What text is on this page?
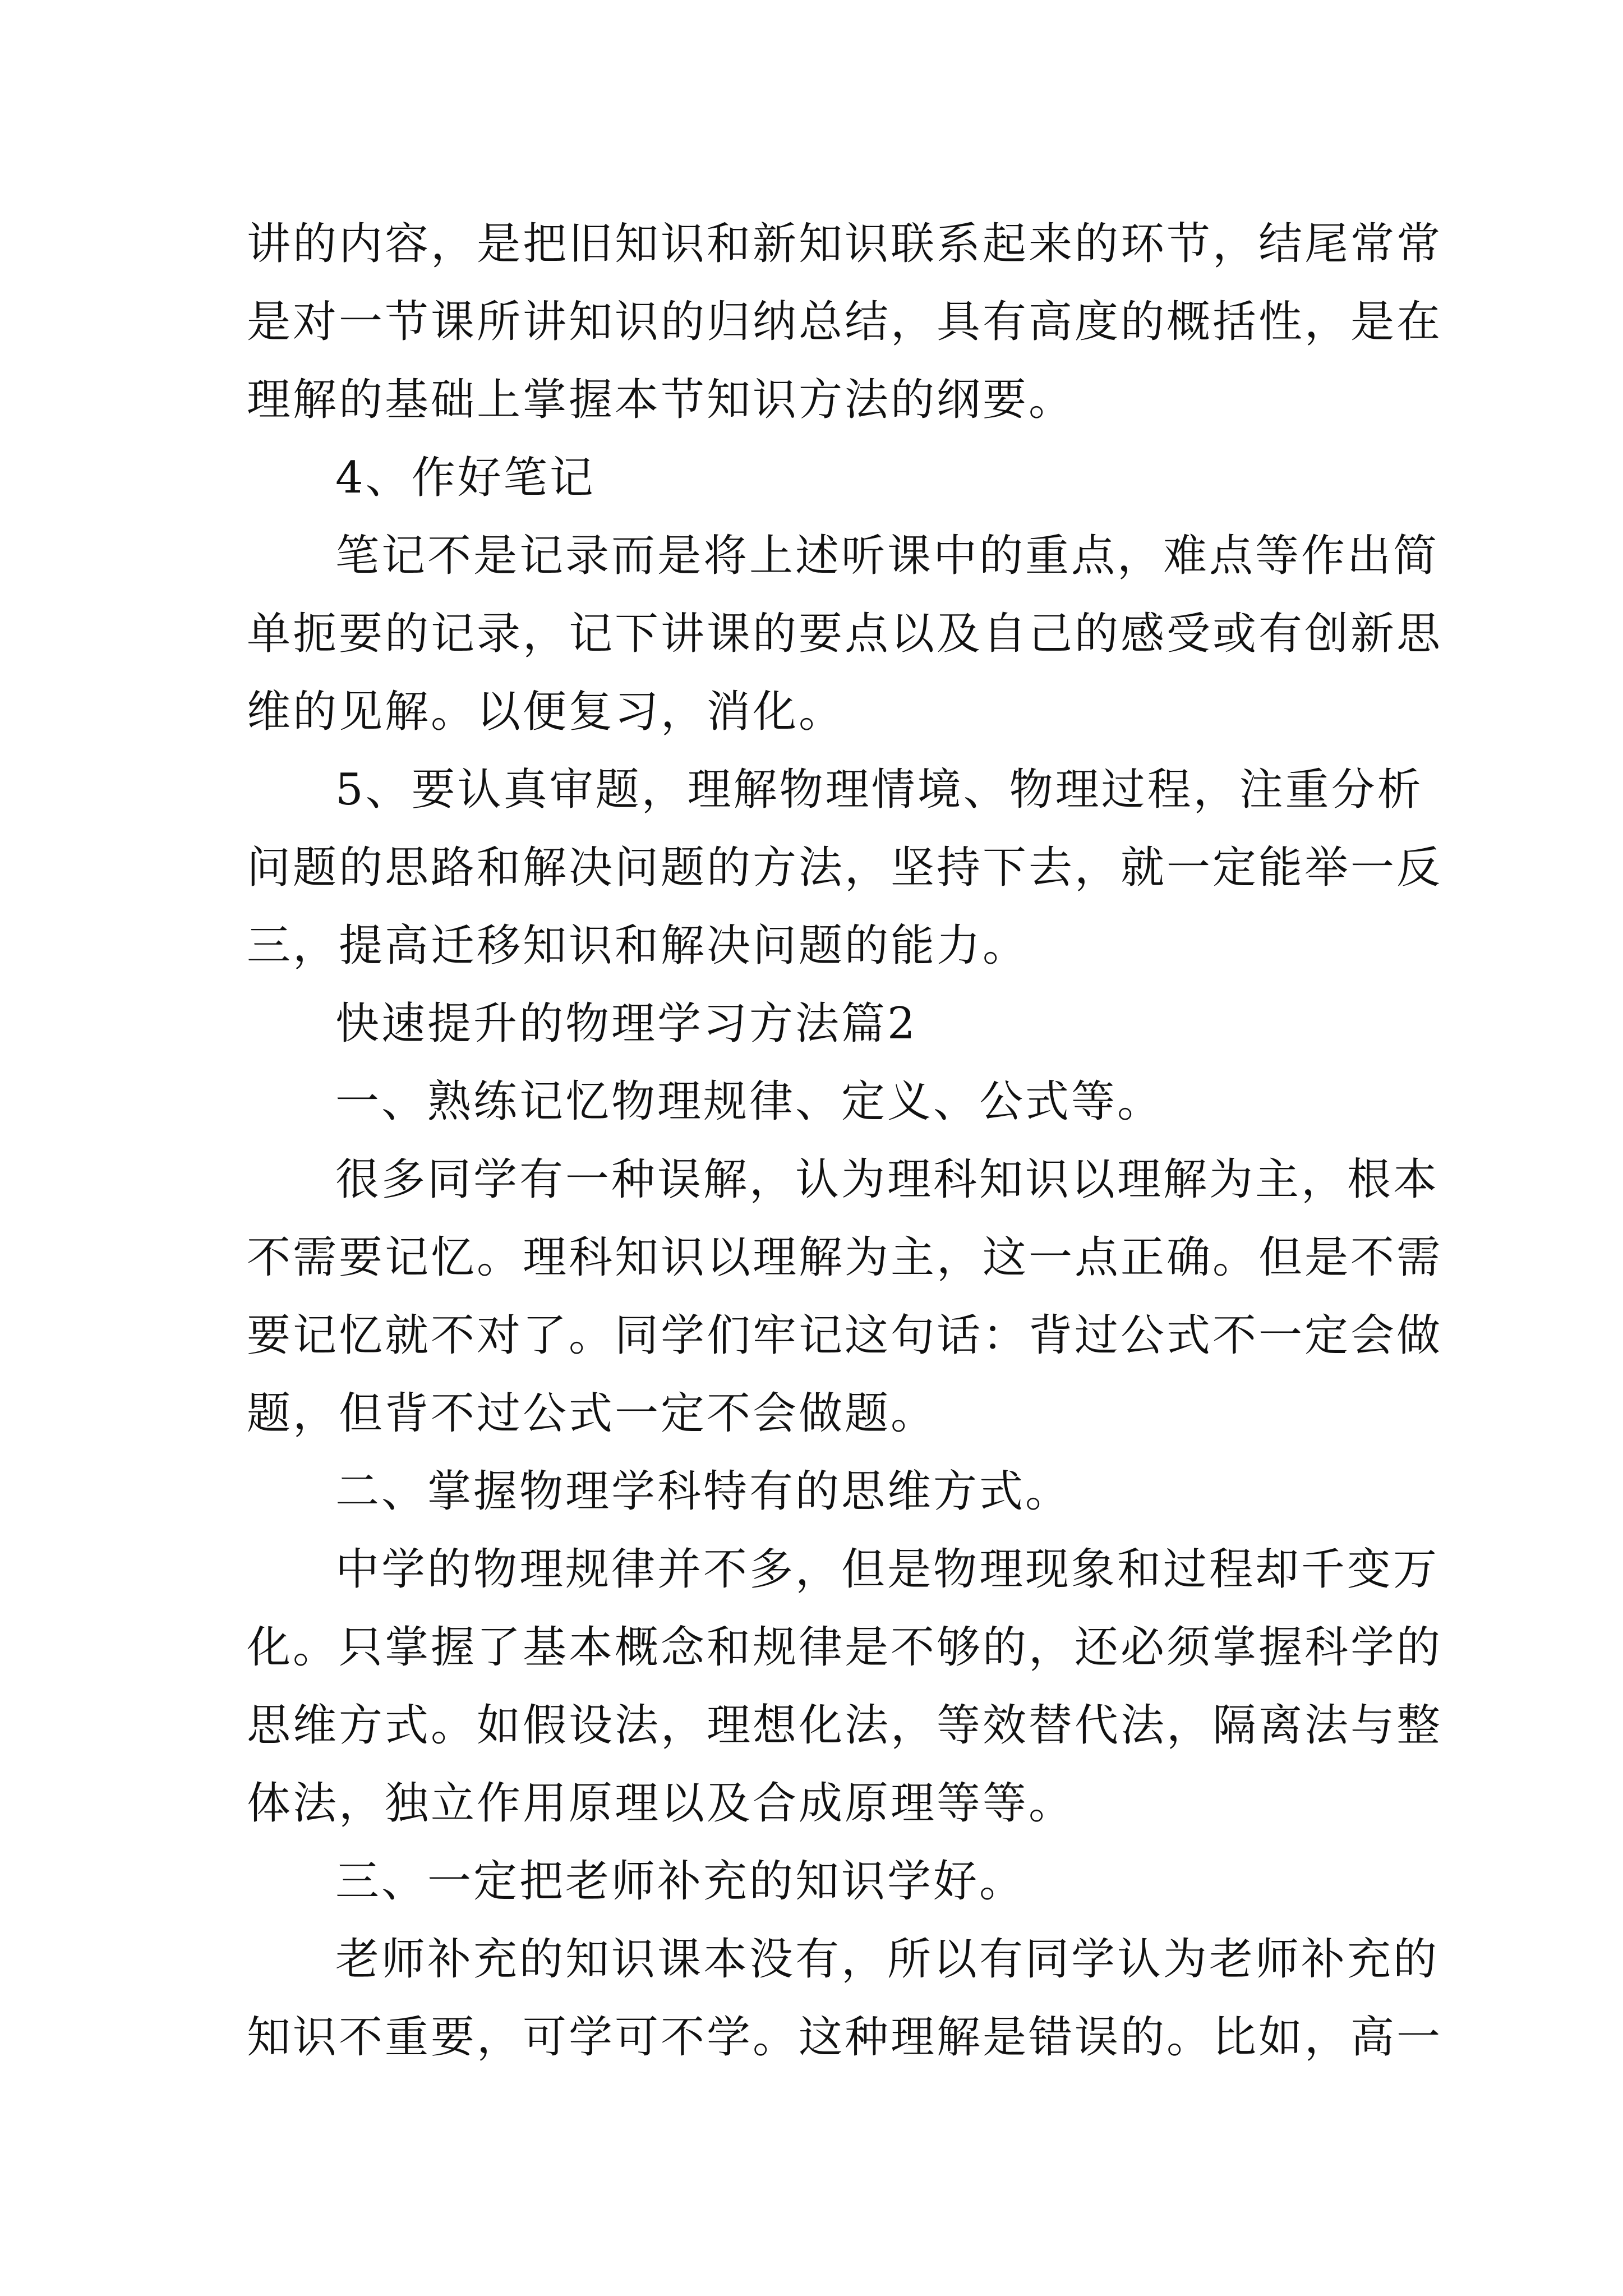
讲的内容，是把旧知识和新知识联系起来的环节，结尾常常
是对一节课所讲知识的归纳总结，具有高度的概括性，是在
理解的基础上掌握本节知识方法的纲要。
4、作好笔记
笔记不是记录而是将上述听课中的重点，难点等作出简
单扼要的记录，记下讲课的要点以及自己的感受或有创新思
维的见解。以便复习，消化。
5、要认真审题，理解物理情境、物理过程，注重分析
问题的思路和解决问题的方法，坚持下去，就一定能举一反
三，提高迁移知识和解决问题的能力。
快速提升的物理学习方法篇2
一、熟练记忆物理规律、定义、公式等。
很多同学有一种误解，认为理科知识以理解为主，根本
不需要记忆。理科知识以理解为主，这一点正确。但是不需
要记忆就不对了。同学们牢记这句话：背过公式不一定会做
题，但背不过公式一定不会做题。
二、掌握物理学科特有的思维方式。
中学的物理规律并不多，但是物理现象和过程却千变万
化。只掌握了基本概念和规律是不够的，还必须掌握科学的
思维方式。如假设法，理想化法，等效替代法，隔离法与整
体法，独立作用原理以及合成原理等等。
三、一定把老师补充的知识学好。
老师补充的知识课本没有，所以有同学认为老师补充的
知识不重要，可学可不学。这种理解是错误的。比如，高一
